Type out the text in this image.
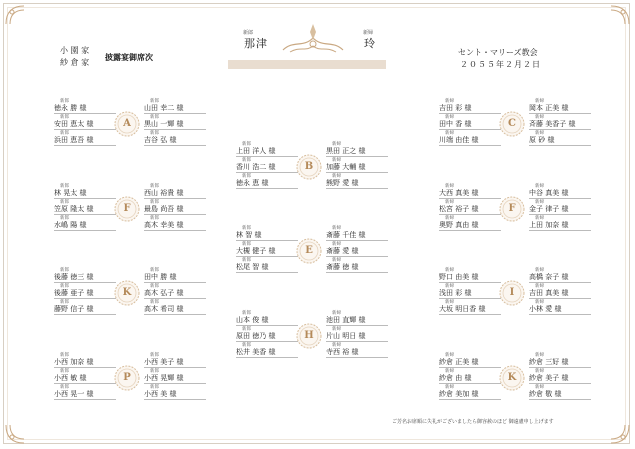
小 園 家
紗 倉 家
披露宴御席次
新郎
那津
新婦
玲
セント・マリーズ教会
２０５５年２月２日
新郎
徳永 勝 様
新郎
安田 恵太 様
新郎
浜田 恵吾 様
新郎
山田 幸二 様
新郎
黒山 一輝 様
新郎
吉谷 弘 様
A
新郎
林 晃太 様
新郎
笠原 隆太 様
新郎
水嶋 陽 様
新郎
西山 裕貴 様
新郎
最島 尚吾 様
新郎
高木 幸美 様
F
新郎
後藤 徳三 様
新郎
後藤 亜子 様
新郎
藤野 信子 様
新郎
田中 勝 様
新郎
高木 弘子 様
新郎
高木 希司 様
K
新郎
小西 加奈 様
新郎
小西 敏 様
新郎
小西 晃一 様
新郎
小西 美子 様
新郎
小西 晃輝 様
新郎
小西 美 様
P
新郎
上田 洋人 様
新郎
香川 浩二 様
新郎
徳永 恵 様
新婦
黒田 正之 様
新婦
加藤 大輔 様
新婦
熊野 愛 様
B
新郎
林 智 様
新郎
大槻 健子 様
新郎
松尾 智 様
新婦
斎藤 千佳 様
新婦
斎藤 愛 様
新婦
斎藤 徳 様
E
新郎
山本 俊 様
新郎
原田 徳乃 様
新郎
松井 美香 様
新婦
池田 直輝 様
新婦
片山 明日 様
新婦
寺西 裕 様
H
新婦
吉田 彩 様
新婦
田中 香 様
新婦
川端 由佳 様
新婦
岡本 正美 様
新婦
斉藤 美香子 様
新婦
原 砂 様
C
新婦
大西 真美 様
新婦
松宮 裕子 様
新婦
奥野 真由 様
新婦
中谷 真美 様
新婦
金子 律子 様
新婦
上田 加奈 様
F
新婦
野口 由美 様
新婦
浅田 彩 様
新婦
大坂 明日香 様
新婦
高橋 奈子 様
新婦
吉田 真美 様
新婦
小林 愛 様
I
新婦
紗倉 正美 様
新婦
紗倉 由 様
新婦
紗倉 美加 様
新婦
紗倉 三好 様
新婦
紗倉 美子 様
新婦
紗倉 敬 様
K
ご芳名お席順に失礼がございましたら御容赦のほど 御遠慮申し上げます
